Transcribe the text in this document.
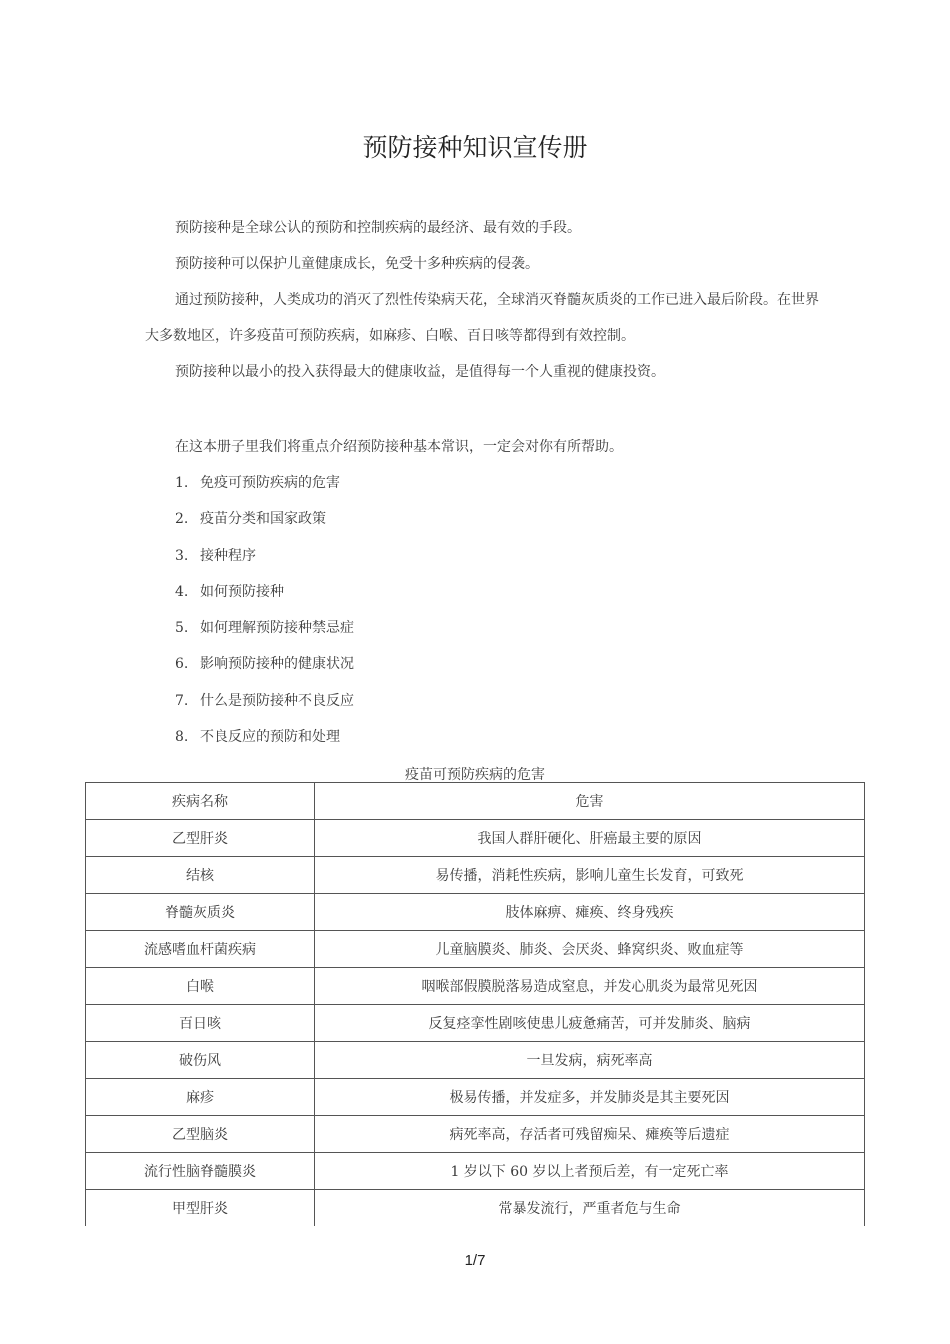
预防接种知识宣传册

预防接种是全球公认的预防和控制疾病的最经济、最有效的手段。

预防接种可以保护儿童健康成长，免受十多种疾病的侵袭。

通过预防接种，人类成功的消灭了烈性传染病天花，全球消灭脊髓灰质炎的工作已进入最后阶段。在世界大多数地区，许多疫苗可预防疾病，如麻疹、白喉、百日咳等都得到有效控制。

预防接种以最小的投入获得最大的健康收益，是值得每一个人重视的健康投资。

在这本册子里我们将重点介绍预防接种基本常识，一定会对你有所帮助。
1. 免疫可预防疾病的危害
2. 疫苗分类和国家政策
3. 接种程序
4. 如何预防接种
5. 如何理解预防接种禁忌症
6. 影响预防接种的健康状况
7. 什么是预防接种不良反应
8. 不良反应的预防和处理
疫苗可预防疾病的危害
疾病名称	危害
乙型肝炎	我国人群肝硬化、肝癌最主要的原因
结核	易传播，消耗性疾病，影响儿童生长发育，可致死
脊髓灰质炎	肢体麻痹、瘫痪、终身残疾
流感嗜血杆菌疾病	儿童脑膜炎、肺炎、会厌炎、蜂窝织炎、败血症等
白喉	咽喉部假膜脱落易造成窒息，并发心肌炎为最常见死因
百日咳	反复痉挛性剧咳使患儿疲惫痛苦，可并发肺炎、脑病
破伤风	一旦发病，病死率高
麻疹	极易传播，并发症多，并发肺炎是其主要死因
乙型脑炎	病死率高，存活者可残留痴呆、瘫痪等后遗症
流行性脑脊髓膜炎	1 岁以下 60 岁以上者预后差，有一定死亡率
甲型肝炎	常暴发流行，严重者危与生命
1/7
